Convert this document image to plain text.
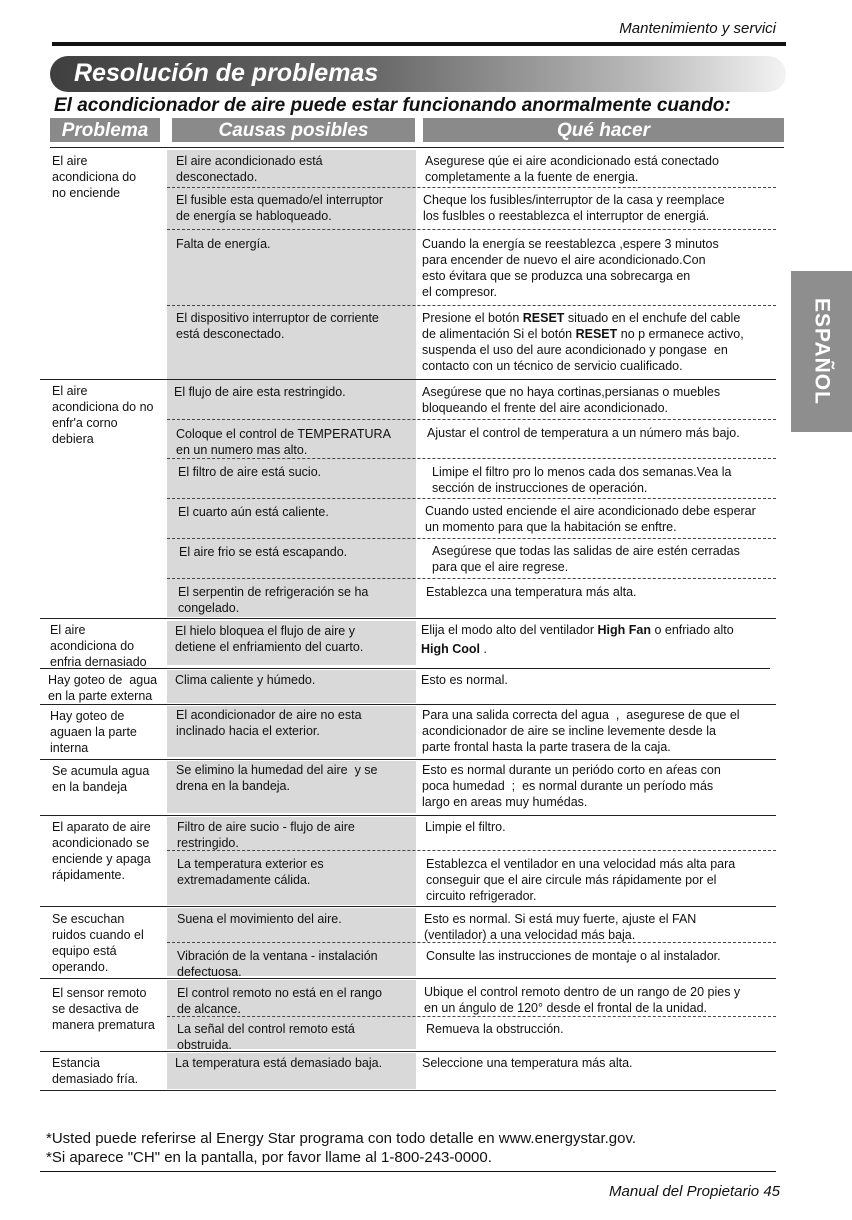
Mantenimiento y servici
Resolución de problemas
El acondicionador de aire puede estar funcionando anormalmente cuando:
Problema	Causas posibles	Qué hacer
ESPAÑOL
El aire
acondiciona do
no enciende
El aire
acondiciona do no
enfr'a corno
debiera
El aire
acondiciona do
enfria dernasiado
Hay goteo de  agua
en la parte externa
Hay goteo de
aguaen la parte
interna
Se acumula agua
en la bandeja
El aparato de aire
acondicionado se
enciende y apaga
rápidamente.
Se escuchan
ruidos cuando el
equipo está
operando.
El sensor remoto
se desactiva de
manera prematura
Estancia
demasiado fría.
El aire acondicionado está
desconectado.
El fusible esta quemado/el interruptor
de energía se habloqueado.
Falta de energía.
El dispositivo interruptor de corriente
está desconectado.
El flujo de aire esta restringido.
Coloque el control de TEMPERATURA
en un numero mas alto.
El filtro de aire está sucio.
El cuarto aún está caliente.
El aire frio se está escapando.
El serpentin de refrigeración se ha
congelado.
El hielo bloquea el flujo de aire y
detiene el enfriamiento del cuarto.
Clima caliente y húmedo.
El acondicionador de aire no esta
inclinado hacia el exterior.
Se elimino la humedad del aire  y se
drena en la bandeja.
Filtro de aire sucio - flujo de aire
restringido.
La temperatura exterior es
extremadamente cálida.
Suena el movimiento del aire.
Vibración de la ventana - instalación
defectuosa.
El control remoto no está en el rango
de alcance.
La señal del control remoto está
obstruida.
La temperatura está demasiado baja.
Asegurese qúe ei aire acondicionado está conectado
completamente a la fuente de energia.
Cheque los fusibles/interruptor de la casa y reemplace
los fuslbles o reestablezca el interruptor de energiá.
Cuando la energía se reestablezca ,espere 3 minutos
para encender de nuevo el aire acondicionado.Con
esto évitara que se produzca una sobrecarga en
el compresor.
Presione el botón RESET situado en el enchufe del cable
de alimentación Si el botón RESET no p ermanece activo,
suspenda el uso del aure acondicionado y pongase  en
contacto con un técnico de servicio cualificado.
Asegúrese que no haya cortinas,persianas o muebles
bloqueando el frente del aire acondicionado.
Ajustar el control de temperatura a un número más bajo.
Limipe el filtro pro lo menos cada dos semanas.Vea la
sección de instrucciones de operación.
Cuando usted enciende el aire acondicionado debe esperar
un momento para que la habitación se enftre.
Asegúrese que todas las salidas de aire estén cerradas
para que el aire regrese.
Establezca una temperatura más alta.
Elija el modo alto del ventilador High Fan o enfriado alto
High Cool .
Esto es normal.
Para una salida correcta del agua  ,  asegurese de que el
acondicionador de aire se incline levemente desde la
parte frontal hasta la parte trasera de la caja.
Esto es normal durante un periódo corto en aŕeas con
poca humedad  ;  es normal durante un período más
largo en areas muy humédas.
Limpie el filtro.
Establezca el ventilador en una velocidad más alta para
conseguir que el aire circule más rápidamente por el
circuito refrigerador.
Esto es normal. Si está muy fuerte, ajuste el FAN
(ventilador) a una velocidad más baja.
Consulte las instrucciones de montaje o al instalador.
Ubique el control remoto dentro de un rango de 20 pies y
en un ángulo de 120° desde el frontal de la unidad.
Remueva la obstrucción.
Seleccione una temperatura más alta.
*Usted puede referirse al Energy Star programa con todo detalle en www.energystar.gov.
*Si aparece "CH" en la pantalla, por favor llame al 1-800-243-0000.
Manual del Propietario 45
